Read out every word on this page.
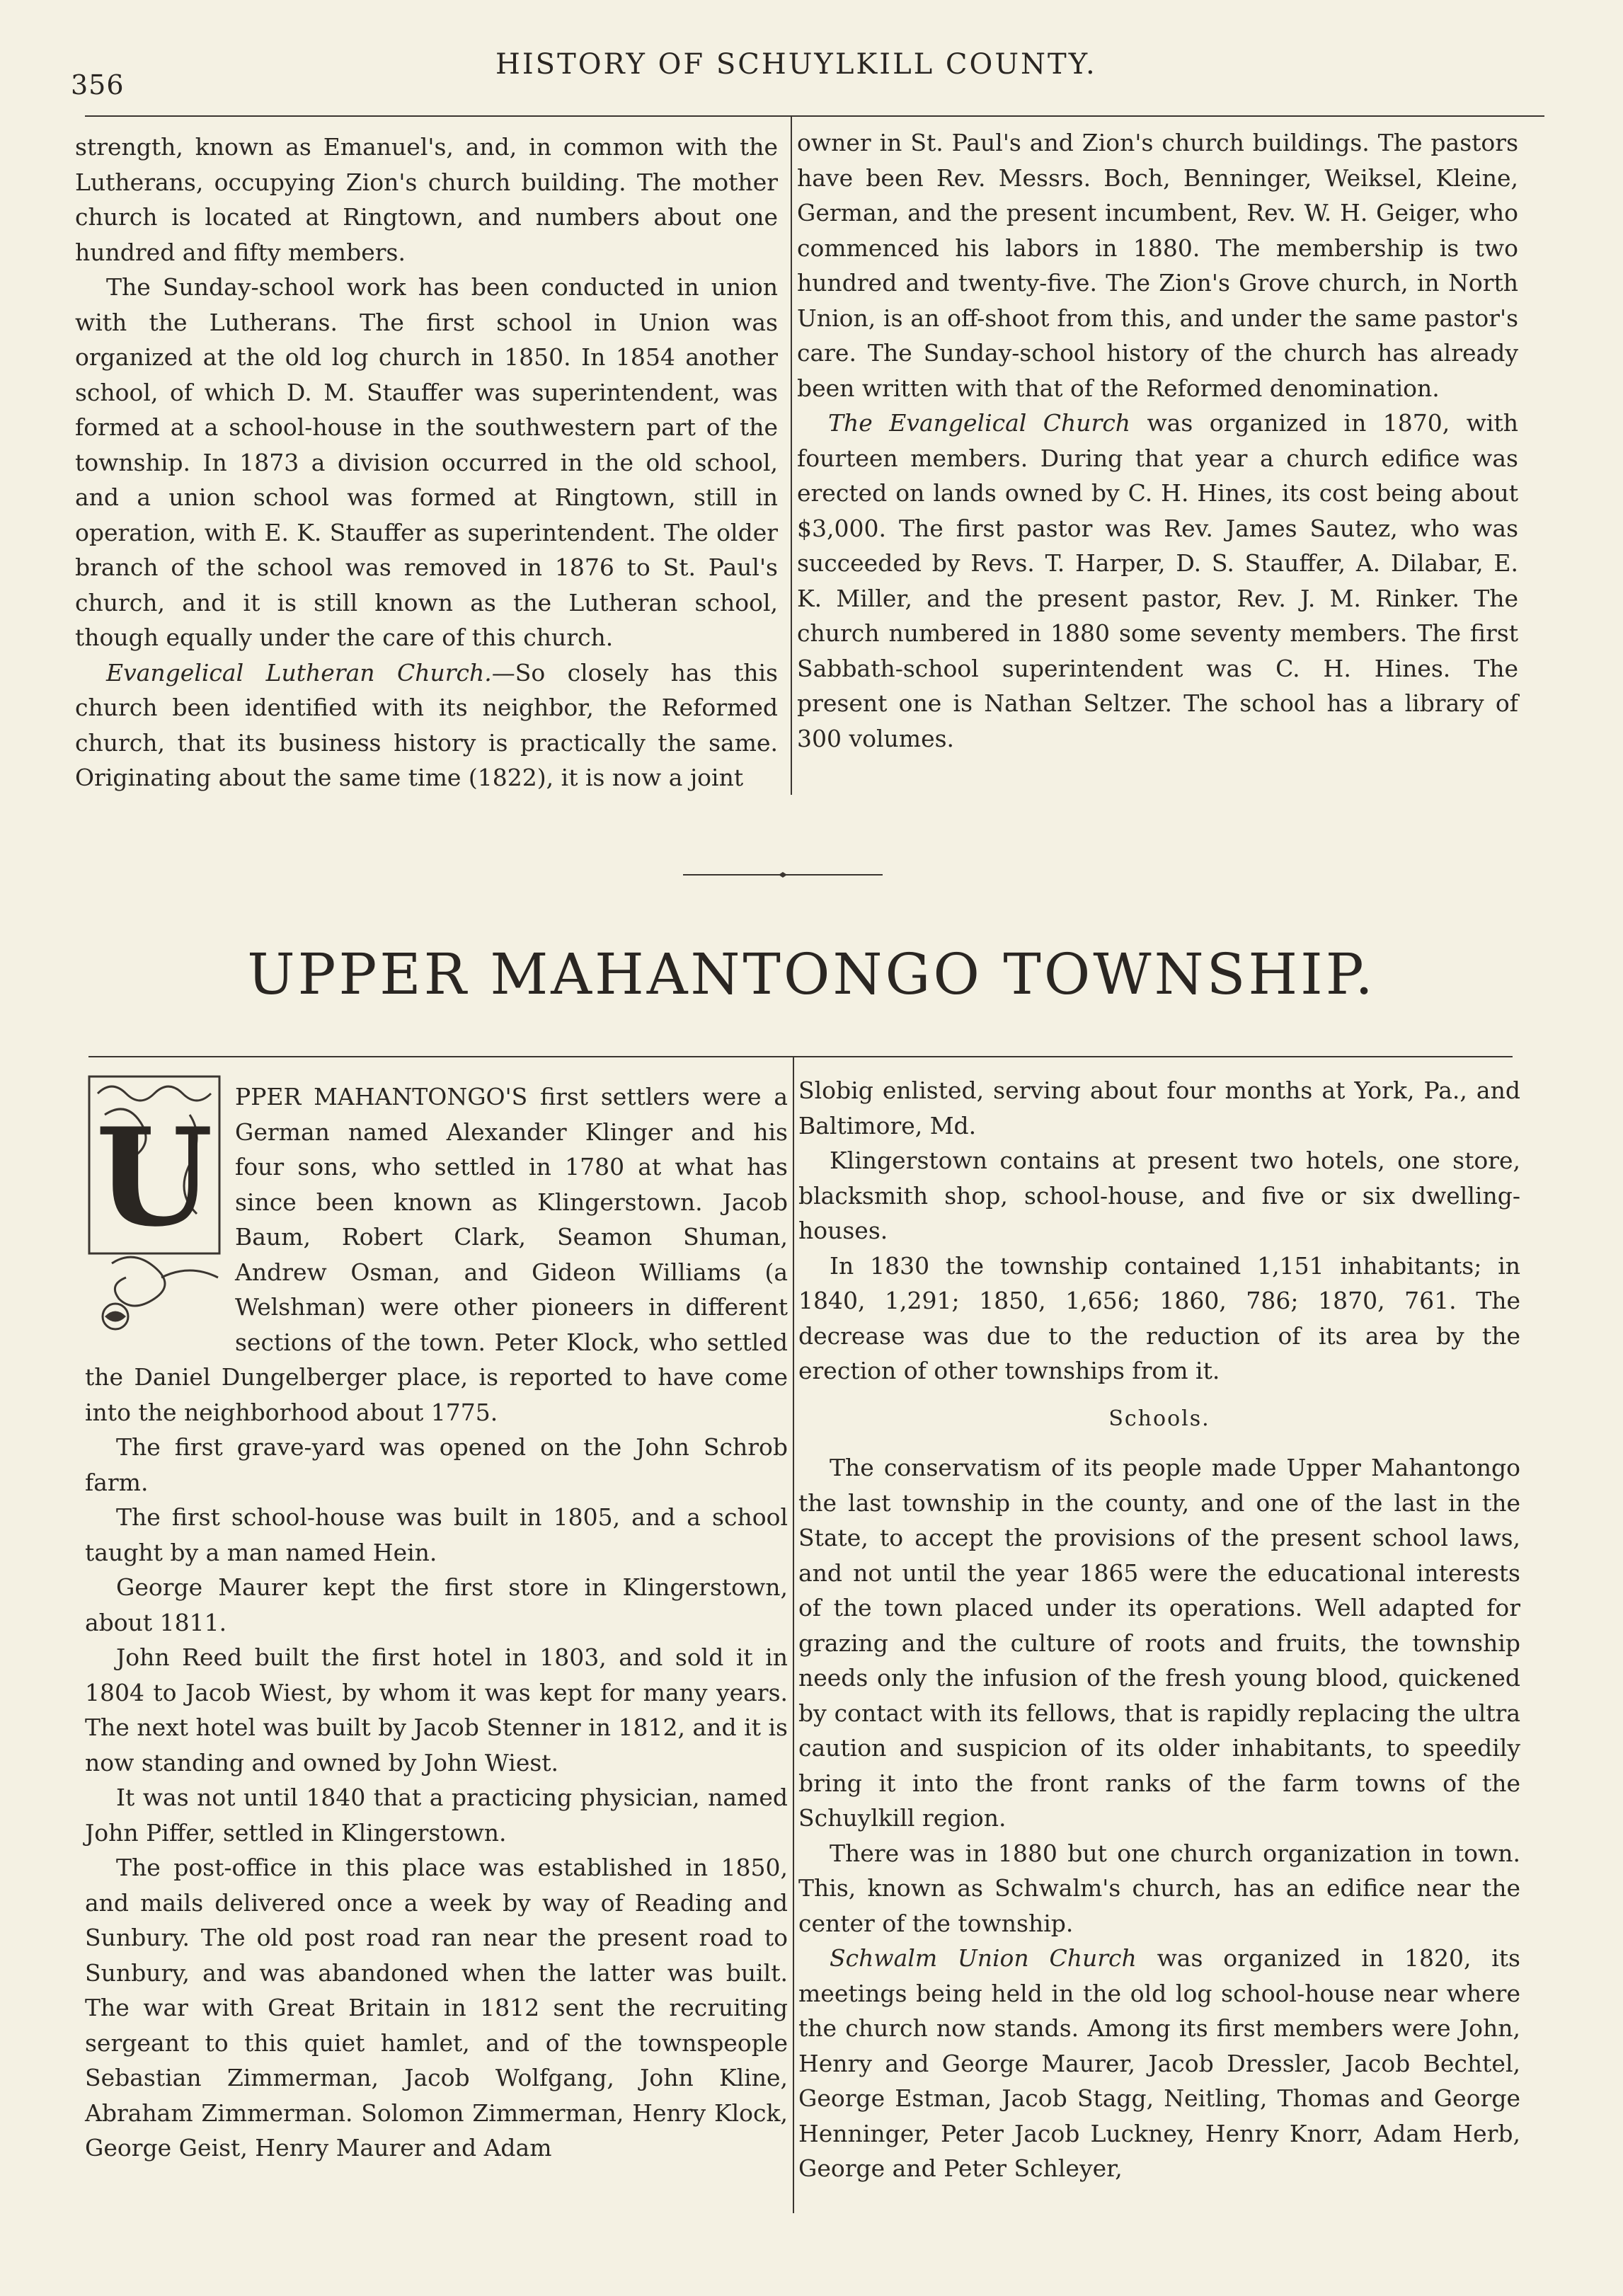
356
HISTORY OF SCHUYLKILL COUNTY.

strength, known as Emanuel's, and, in common with the Lutherans, occupying Zion's church building. The mother church is located at Ringtown, and numbers about one hundred and fifty members.

The Sunday-school work has been conducted in union with the Lutherans. The first school in Union was organized at the old log church in 1850. In 1854 another school, of which D. M. Stauffer was superintendent, was formed at a school-house in the southwestern part of the township. In 1873 a division occurred in the old school, and a union school was formed at Ringtown, still in operation, with E. K. Stauffer as superintendent. The older branch of the school was removed in 1876 to St. Paul's church, and it is still known as the Lutheran school, though equally under the care of this church.

Evangelical Lutheran Church.—So closely has this church been identified with its neighbor, the Reformed church, that its business history is practically the same. Originating about the same time (1822), it is now a joint

owner in St. Paul's and Zion's church buildings. The pastors have been Rev. Messrs. Boch, Benninger, Weiksel, Kleine, German, and the present incumbent, Rev. W. H. Geiger, who commenced his labors in 1880. The membership is two hundred and twenty-five. The Zion's Grove church, in North Union, is an off-shoot from this, and under the same pastor's care. The Sunday-school history of the church has already been written with that of the Reformed denomination.

The Evangelical Church was organized in 1870, with fourteen members. During that year a church edifice was erected on lands owned by C. H. Hines, its cost being about $3,000. The first pastor was Rev. James Sautez, who was succeeded by Revs. T. Harper, D. S. Stauffer, A. Dilabar, E. K. Miller, and the present pastor, Rev. J. M. Rinker. The church numbered in 1880 some seventy members. The first Sabbath-school superintendent was C. H. Hines. The present one is Nathan Seltzer. The school has a library of 300 volumes.

UPPER MAHANTONGO TOWNSHIP.

U
PPER MAHANTONGO'S first settlers were a German named Alexander Klinger and his four sons, who settled in 1780 at what has since been known as Klingerstown. Jacob Baum, Robert Clark, Seamon Shuman, Andrew Osman, and Gideon Williams (a Welshman) were other pioneers in different sections of the town. Peter Klock, who settled the Daniel Dungelberger place, is reported to have come into the neighborhood about 1775.

The first grave-yard was opened on the John Schrob farm.

The first school-house was built in 1805, and a school taught by a man named Hein.

George Maurer kept the first store in Klingerstown, about 1811.

John Reed built the first hotel in 1803, and sold it in 1804 to Jacob Wiest, by whom it was kept for many years. The next hotel was built by Jacob Stenner in 1812, and it is now standing and owned by John Wiest.

It was not until 1840 that a practicing physician, named John Piffer, settled in Klingerstown.

The post-office in this place was established in 1850, and mails delivered once a week by way of Reading and Sunbury. The old post road ran near the present road to Sunbury, and was abandoned when the latter was built. The war with Great Britain in 1812 sent the recruiting sergeant to this quiet hamlet, and of the townspeople Sebastian Zimmerman, Jacob Wolfgang, John Kline, Abraham Zimmerman. Solomon Zimmerman, Henry Klock, George Geist, Henry Maurer and Adam

Slobig enlisted, serving about four months at York, Pa., and Baltimore, Md.

Klingerstown contains at present two hotels, one store, blacksmith shop, school-house, and five or six dwelling-houses.

In 1830 the township contained 1,151 inhabitants; in 1840, 1,291; 1850, 1,656; 1860, 786; 1870, 761. The decrease was due to the reduction of its area by the erection of other townships from it.

Schools.

The conservatism of its people made Upper Mahantongo the last township in the county, and one of the last in the State, to accept the provisions of the present school laws, and not until the year 1865 were the educational interests of the town placed under its operations. Well adapted for grazing and the culture of roots and fruits, the township needs only the infusion of the fresh young blood, quickened by contact with its fellows, that is rapidly replacing the ultra caution and suspicion of its older inhabitants, to speedily bring it into the front ranks of the farm towns of the Schuylkill region.

There was in 1880 but one church organization in town. This, known as Schwalm's church, has an edifice near the center of the township.

Schwalm Union Church was organized in 1820, its meetings being held in the old log school-house near where the church now stands. Among its first members were John, Henry and George Maurer, Jacob Dressler, Jacob Bechtel, George Estman, Jacob Stagg, Neitling, Thomas and George Henninger, Peter Jacob Luckney, Henry Knorr, Adam Herb, George and Peter Schleyer,
